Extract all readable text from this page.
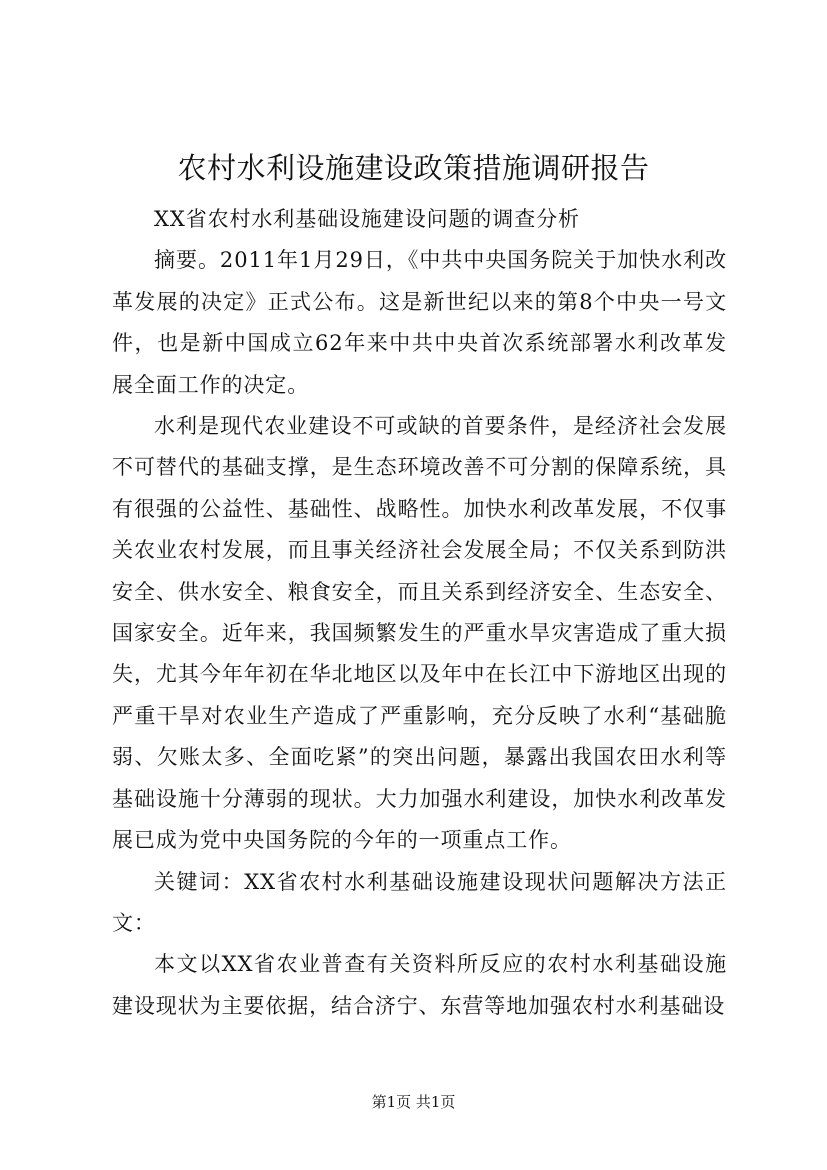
农村水利设施建设政策措施调研报告

XX省农村水利基础设施建设问题的调查分析

摘要。2011年1月29日，《中共中央国务院关于加快水利改革发展的决定》正式公布。这是新世纪以来的第8个中央一号文件，也是新中国成立62年来中共中央首次系统部署水利改革发展全面工作的决定。

水利是现代农业建设不可或缺的首要条件，是经济社会发展不可替代的基础支撑，是生态环境改善不可分割的保障系统，具有很强的公益性、基础性、战略性。加快水利改革发展，不仅事关农业农村发展，而且事关经济社会发展全局；不仅关系到防洪安全、供水安全、粮食安全，而且关系到经济安全、生态安全、国家安全。近年来，我国频繁发生的严重水旱灾害造成了重大损失，尤其今年年初在华北地区以及年中在长江中下游地区出现的严重干旱对农业生产造成了严重影响，充分反映了水利“基础脆弱、欠账太多、全面吃紧”的突出问题，暴露出我国农田水利等基础设施十分薄弱的现状。大力加强水利建设，加快水利改革发展已成为党中央国务院的今年的一项重点工作。

关键词：XX省农村水利基础设施建设现状问题解决方法正文：

本文以XX省农业普查有关资料所反应的农村水利基础设施建设现状为主要依据，结合济宁、东营等地加强农村水利基础设

第1页 共1页
